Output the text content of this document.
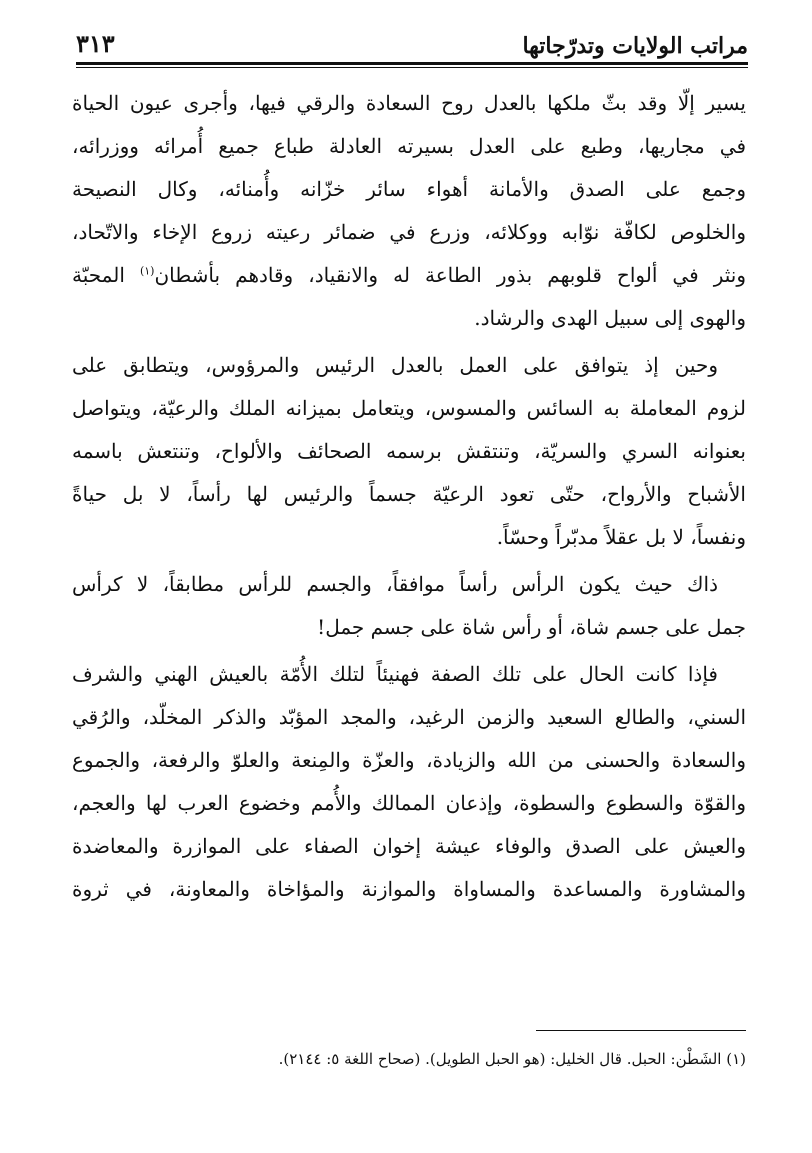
مراتب الولايات وتدرّجاتها
٣١٣
يسير إلّا وقد بثّ ملكها بالعدل روح السعادة والرقي فيها، وأجرى عيون الحياة
في مجاريها، وطبع على العدل بسيرته العادلة طباع جميع أُمرائه ووزرائه،
وجمع على الصدق والأمانة أهواء سائر خزّانه وأُمنائه، وكال النصيحة
والخلوص لكافّة نوّابه ووكلائه، وزرع في ضمائر رعيته زروع الإخاء والاتّحاد،
ونثر في ألواح قلوبهم بذور الطاعة له والانقياد، وقادهم بأشطان$^{(١)}$ المحبّة
والهوى إلى سبيل الهدى والرشاد.
وحين إذ يتوافق على العمل بالعدل الرئيس والمرؤوس، ويتطابق على
لزوم المعاملة به السائس والمسوس، ويتعامل بميزانه الملك والرعيّة، ويتواصل
بعنوانه السري والسريّة، وتنتقش برسمه الصحائف والألواح، وتنتعش باسمه
الأشباح والأرواح، حتّى تعود الرعيّة جسماً والرئيس لها رأساً، لا بل حياةً
ونفساً، لا بل عقلاً مدبّراً وحسّاً.
ذاك حيث يكون الرأس رأساً موافقاً، والجسم للرأس مطابقاً، لا كرأس
جمل على جسم شاة، أو رأس شاة على جسم جمل!
فإذا كانت الحال على تلك الصفة فهنيئاً لتلك الأُمّة بالعيش الهني والشرف
السني، والطالع السعيد والزمن الرغيد، والمجد المؤبّد والذكر المخلّد، والرُقي
والسعادة والحسنى من الله والزيادة، والعزّة والمِنعة والعلوّ والرفعة، والجموع
والقوّة والسطوع والسطوة، وإذعان الممالك والأُمم وخضوع العرب لها والعجم،
والعيش على الصدق والوفاء عيشة إخوان الصفاء على الموازرة والمعاضدة
والمشاورة والمساعدة والمساواة والموازنة والمؤاخاة والمعاونة، في ثروة
(١) الشَطْن: الحبل. قال الخليل: (هو الحبل الطويل). (صحاح اللغة ٥: ٢١٤٤).
